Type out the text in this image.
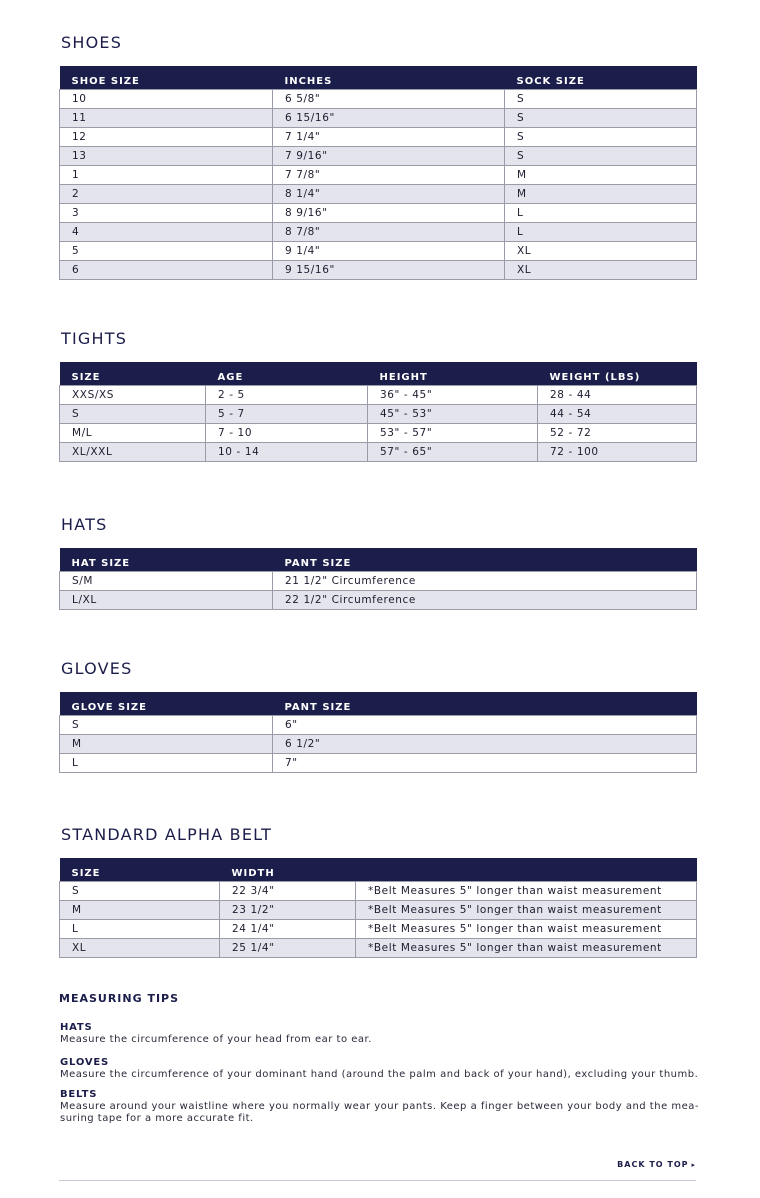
SHOES
SHOE SIZE	INCHES	SOCK SIZE
10	6 5/8"	S
11	6 15/16"	S
12	7 1/4"	S
13	7 9/16"	S
1	7 7/8"	M
2	8 1/4"	M
3	8 9/16"	L
4	8 7/8"	L
5	9 1/4"	XL
6	9 15/16"	XL
TIGHTS
SIZE	AGE	HEIGHT	WEIGHT (LBS)
XXS/XS	2 - 5	36" - 45"	28 - 44
S	5 - 7	45" - 53"	44 - 54
M/L	7 - 10	53" - 57"	52 - 72
XL/XXL	10 - 14	57" - 65"	72 - 100
HATS
HAT SIZE	PANT SIZE
S/M	21 1/2" Circumference
L/XL	22 1/2" Circumference
GLOVES
GLOVE SIZE	PANT SIZE
S	6"
M	6 1/2"
L	7"
STANDARD ALPHA BELT
SIZE	WIDTH	
S	22 3/4"	*Belt Measures 5" longer than waist measurement
M	23 1/2"	*Belt Measures 5" longer than waist measurement
L	24 1/4"	*Belt Measures 5" longer than waist measurement
XL	25 1/4"	*Belt Measures 5" longer than waist measurement
MEASURING TIPS
HATS
Measure the circumference of your head from ear to ear.
GLOVES
Measure the circumference of your dominant hand (around the palm and back of your hand), excluding your thumb.
BELTS
Measure around your waistline where you normally wear your pants. Keep a finger between your body and the mea-suring tape for a more accurate fit.
BACK TO TOP ▸
